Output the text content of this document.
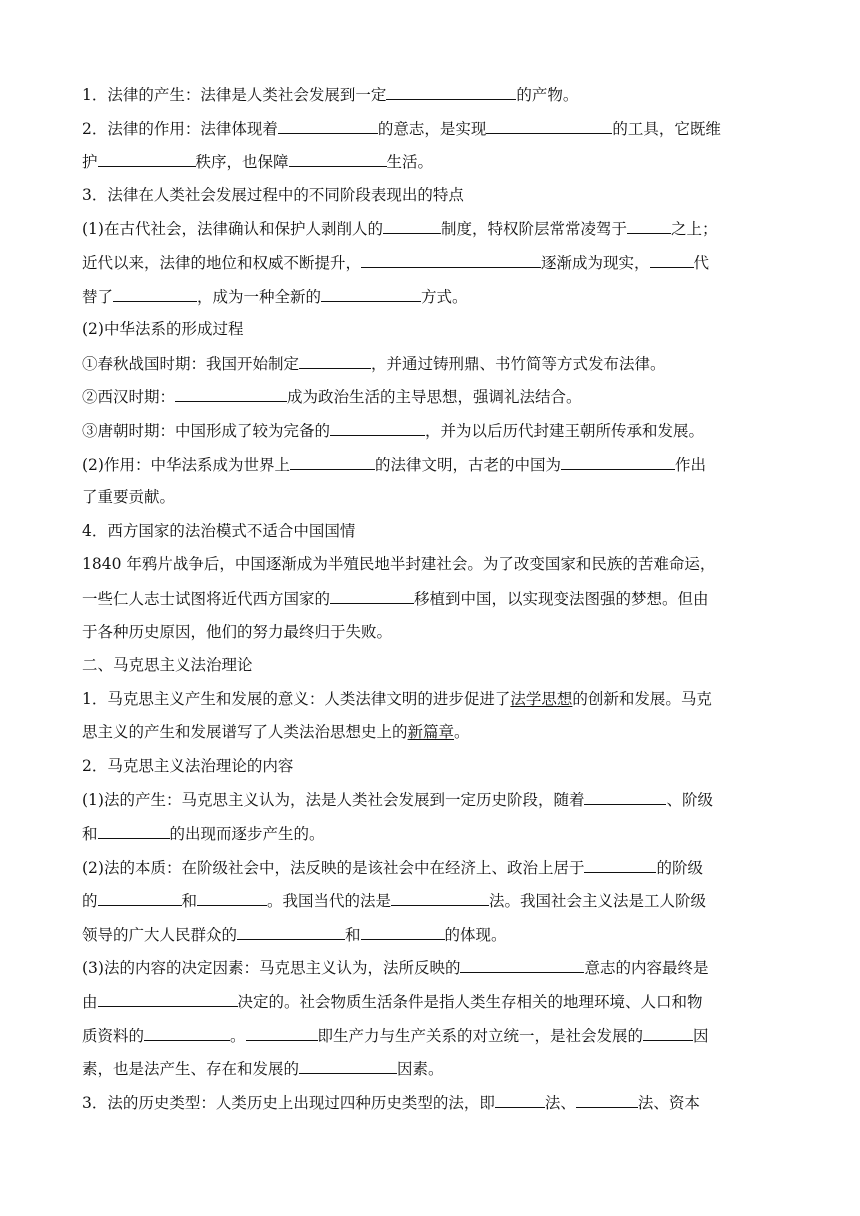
1．法律的产生：法律是人类社会发展到一定	的产物。
2．法律的作用：法律体现着	的意志，是实现	的工具，它既维
护	秩序，也保障	生活。
3．法律在人类社会发展过程中的不同阶段表现出的特点
(1)在古代社会，法律确认和保护人剥削人的	制度，特权阶层常常凌驾于	之上；
近代以来，法律的地位和权威不断提升，	逐渐成为现实，	代
替了	，成为一种全新的	方式。
(2)中华法系的形成过程
①春秋战国时期：我国开始制定	，并通过铸刑鼎、书竹简等方式发布法律。
②西汉时期：	成为政治生活的主导思想，强调礼法结合。
③唐朝时期：中国形成了较为完备的	，并为以后历代封建王朝所传承和发展。
(2)作用：中华法系成为世界上	的法律文明，古老的中国为	作出
了重要贡献。
4．西方国家的法治模式不适合中国国情
1840 年鸦片战争后，中国逐渐成为半殖民地半封建社会。为了改变国家和民族的苦难命运，
一些仁人志士试图将近代西方国家的	移植到中国，以实现变法图强的梦想。但由
于各种历史原因，他们的努力最终归于失败。
二、马克思主义法治理论
1．马克思主义产生和发展的意义：人类法律文明的进步促进了法学思想的创新和发展。马克
思主义的产生和发展谱写了人类法治思想史上的新篇章。
2．马克思主义法治理论的内容
(1)法的产生：马克思主义认为，法是人类社会发展到一定历史阶段，随着	、阶级
和	的出现而逐步产生的。
(2)法的本质：在阶级社会中，法反映的是该社会中在经济上、政治上居于	的阶级
的	和	。我国当代的法是	法。我国社会主义法是工人阶级
领导的广大人民群众的	和	的体现。
(3)法的内容的决定因素：马克思主义认为，法所反映的	意志的内容最终是
由	决定的。社会物质生活条件是指人类生存相关的地理环境、人口和物
质资料的	。	即生产力与生产关系的对立统一，是社会发展的	因
素，也是法产生、存在和发展的	因素。
3．法的历史类型：人类历史上出现过四种历史类型的法，即	法、	法、资本
